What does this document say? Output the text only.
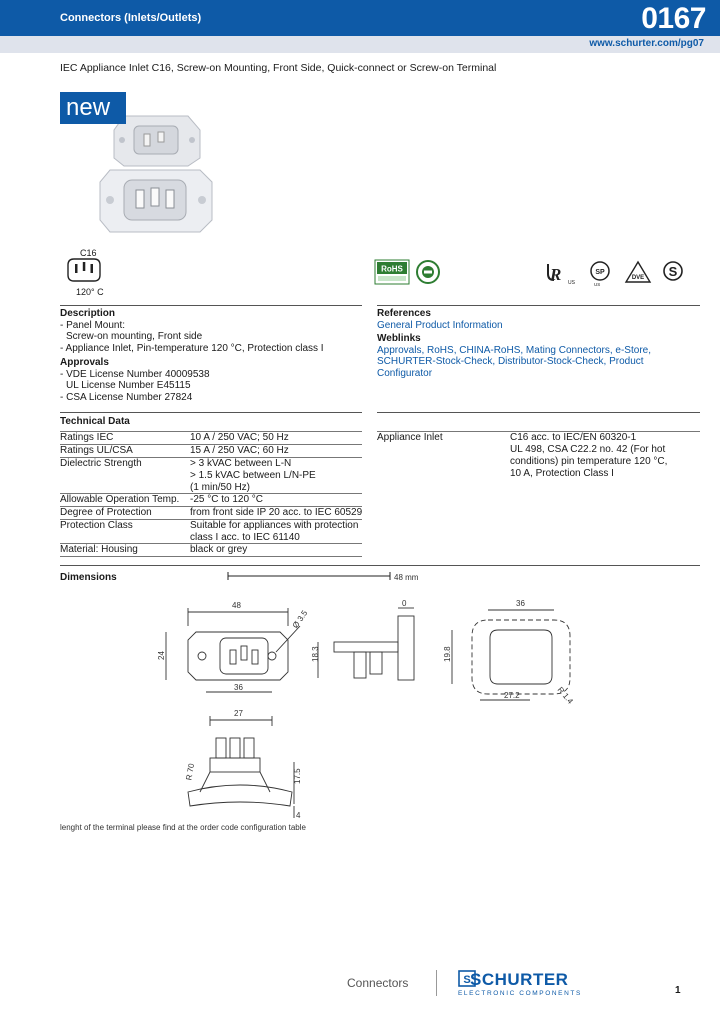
Connectors (Inlets/Outlets)	0167
www.schurter.com/pg07
IEC Appliance Inlet C16, Screw-on Mounting, Front Side, Quick-connect or Screw-on Terminal
new
C16
120° C
RoHS	R US
SP
US
DVE S
Description
- Panel Mount:
Screw-on mounting, Front side
- Appliance Inlet, Pin-temperature 120 °C, Protection class I
Approvals
- VDE License Number 40009538
UL License Number E45115
- CSA License Number 27824
References
General Product Information
Weblinks
Approvals, RoHS, CHINA-RoHS, Mating Connectors, e-Store, SCHURTER-Stock-Check, Distributor-Stock-Check, Product Configurator
Technical Data
Ratings IEC	10 A / 250 VAC; 50 Hz
Ratings UL/CSA	15 A / 250 VAC; 60 Hz
Dielectric Strength	> 3 kVAC between L-N
> 1.5 kVAC between L/N-PE
(1 min/50 Hz)
Allowable Operation Temp. -25 °C to 120 °C
Degree of Protection	from front side IP 20 acc. to IEC 60529
Protection Class	Suitable for appliances with protection
class I acc. to IEC 61140
Material: Housing	black or grey
Appliance Inlet	C16 acc. to IEC/EN 60320-1
UL 498, CSA C22.2 no. 42 (For hot
conditions) pin temperature 120 °C,
10 A, Protection Class I
Dimensions	48 mm
48
36
24
Ø 3.5
0
18.3
36
19.8
R 1.4
27.2
27
R 70	17.5
4
lenght of the terminal please find at the order code configuration table
Connectors	S SCHURTER
ELECTRONIC COMPONENTS	1
